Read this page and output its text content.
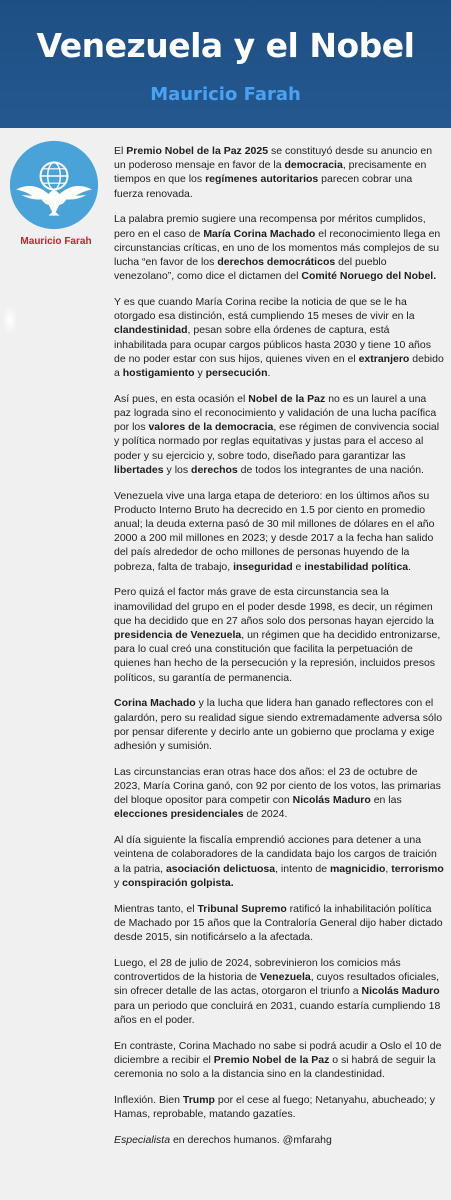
Venezuela y el Nobel
Mauricio Farah
Mauricio Farah

El Premio Nobel de la Paz 2025 se constituyó desde su anuncio en un poderoso mensaje en favor de la democracia, precisamente en tiempos en que los regímenes autoritarios parecen cobrar una fuerza renovada.

La palabra premio sugiere una recompensa por méritos cumplidos, pero en el caso de María Corina Machado el reconocimiento llega en circunstancias críticas, en uno de los momentos más complejos de su lucha “en favor de los derechos democráticos del pueblo venezolano”, como dice el dictamen del Comité Noruego del Nobel.

Y es que cuando María Corina recibe la noticia de que se le ha otorgado esa distinción, está cumpliendo 15 meses de vivir en la clandestinidad, pesan sobre ella órdenes de captura, está inhabilitada para ocupar cargos públicos hasta 2030 y tiene 10 años de no poder estar con sus hijos, quienes viven en el extranjero debido a hostigamiento y persecución.

Así pues, en esta ocasión el Nobel de la Paz no es un laurel a una paz lograda sino el reconocimiento y validación de una lucha pacífica por los valores de la democracia, ese régimen de convivencia social y política normado por reglas equitativas y justas para el acceso al poder y su ejercicio y, sobre todo, diseñado para garantizar las libertades y los derechos de todos los integrantes de una nación.

Venezuela vive una larga etapa de deterioro: en los últimos años su Producto Interno Bruto ha decrecido en 1.5 por ciento en promedio anual; la deuda externa pasó de 30 mil millones de dólares en el año 2000 a 200 mil millones en 2023; y desde 2017 a la fecha han salido del país alrededor de ocho millones de personas huyendo de la pobreza, falta de trabajo, inseguridad e inestabilidad política.

Pero quizá el factor más grave de esta circunstancia sea la inamovilidad del grupo en el poder desde 1998, es decir, un régimen que ha decidido que en 27 años solo dos personas hayan ejercido la presidencia de Venezuela, un régimen que ha decidido entronizarse, para lo cual creó una constitución que facilita la perpetuación de quienes han hecho de la persecución y la represión, incluidos presos políticos, su garantía de permanencia.

Corina Machado y la lucha que lidera han ganado reflectores con el galardón, pero su realidad sigue siendo extremadamente adversa sólo por pensar diferente y decirlo ante un gobierno que proclama y exige adhesión y sumisión.

Las circunstancias eran otras hace dos años: el 23 de octubre de 2023, María Corina ganó, con 92 por ciento de los votos, las primarias del bloque opositor para competir con Nicolás Maduro en las elecciones presidenciales de 2024.

Al día siguiente la fiscalía emprendió acciones para detener a una veintena de colaboradores de la candidata bajo los cargos de traición a la patria, asociación delictuosa, intento de magnicidio, terrorismo y conspiración golpista.

Mientras tanto, el Tribunal Supremo ratificó la inhabilitación política de Machado por 15 años que la Contraloría General dijo haber dictado desde 2015, sin notificárselo a la afectada.

Luego, el 28 de julio de 2024, sobrevinieron los comicios más controvertidos de la historia de Venezuela, cuyos resultados oficiales, sin ofrecer detalle de las actas, otorgaron el triunfo a Nicolás Maduro para un periodo que concluirá en 2031, cuando estaría cumpliendo 18 años en el poder.

En contraste, Corina Machado no sabe si podrá acudir a Oslo el 10 de diciembre a recibir el Premio Nobel de la Paz o si habrá de seguir la ceremonia no solo a la distancia sino en la clandestinidad.

Inflexión. Bien Trump por el cese al fuego; Netanyahu, abucheado; y Hamas, reprobable, matando gazatíes.

Especialista en derechos humanos. @mfarahg
